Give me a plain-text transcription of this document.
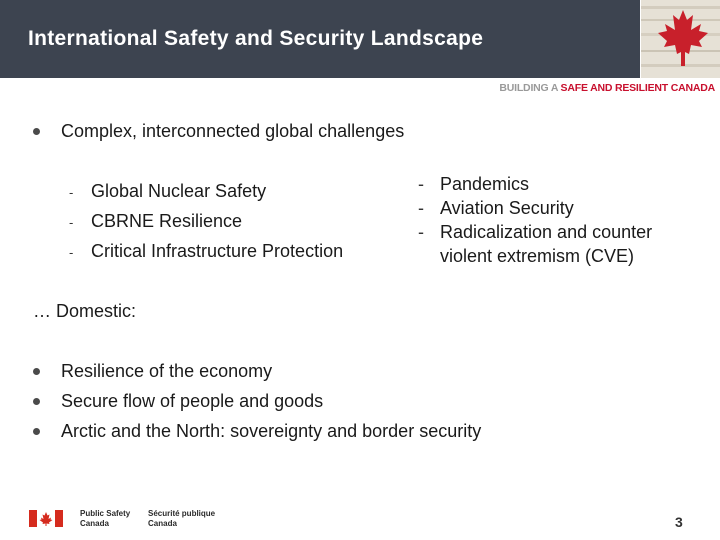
International Safety and Security Landscape
BUILDING A SAFE AND RESILIENT CANADA
Complex, interconnected global challenges
- Global Nuclear Safety
- CBRNE Resilience
- Critical Infrastructure Protection
- Pandemics
- Aviation Security
- Radicalization and counter
violent extremism (CVE)
… Domestic:
Resilience of the economy
Secure flow of people and goods
Arctic and the North: sovereignty and border security
Public Safety
Canada
Sécurité publique
Canada	3
